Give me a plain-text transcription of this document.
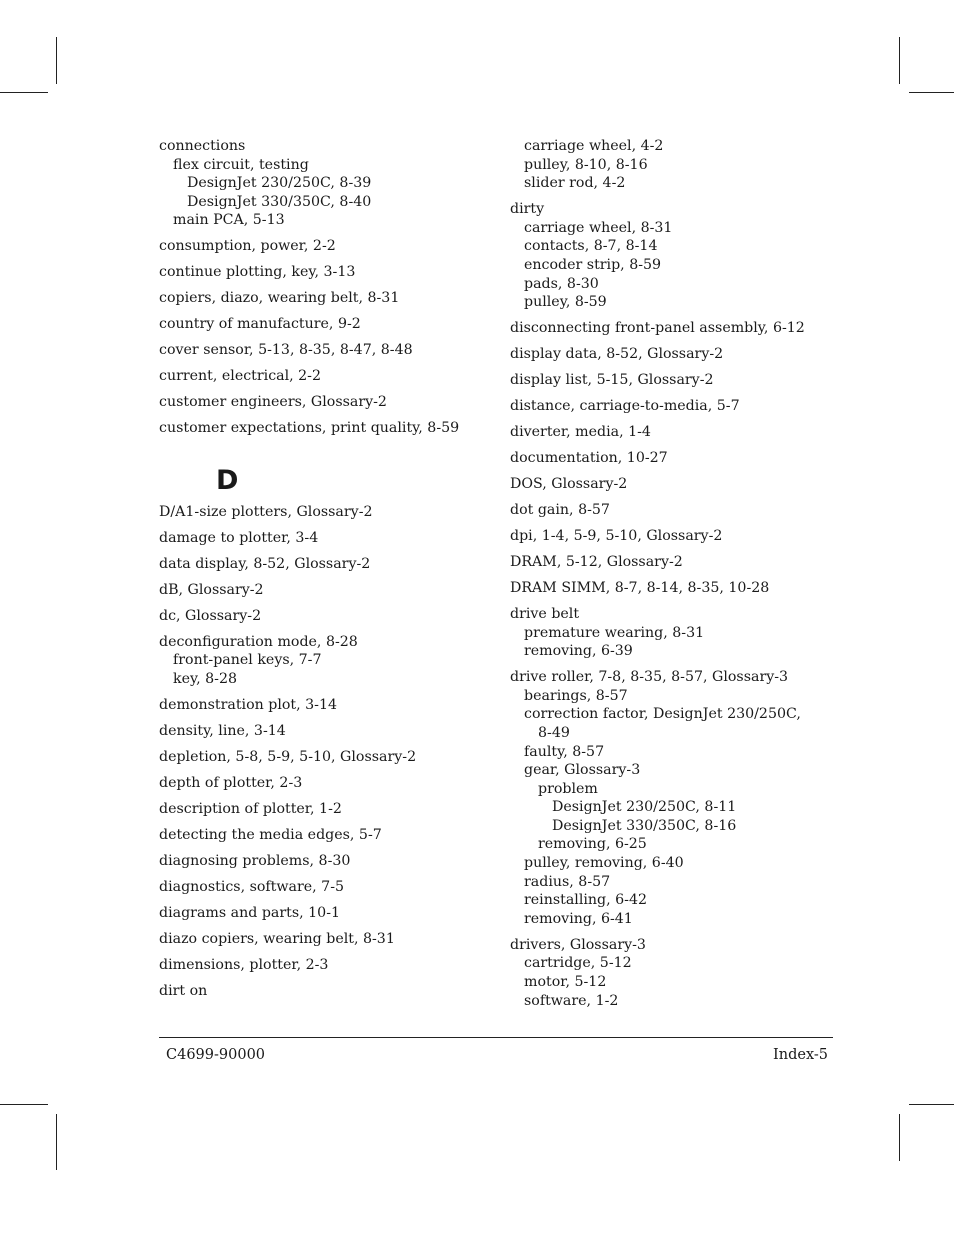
connections
flex circuit, testing
DesignJet 230/250C, 8-39
DesignJet 330/350C, 8-40
main PCA, 5-13
consumption, power, 2-2
continue plotting, key, 3-13
copiers, diazo, wearing belt, 8-31
country of manufacture, 9-2
cover sensor, 5-13, 8-35, 8-47, 8-48
current, electrical, 2-2
customer engineers, Glossary-2
customer expectations, print quality, 8-59
D
D/A1-size plotters, Glossary-2
damage to plotter, 3-4
data display, 8-52, Glossary-2
dB, Glossary-2
dc, Glossary-2
deconfiguration mode, 8-28
front-panel keys, 7-7
key, 8-28
demonstration plot, 3-14
density, line, 3-14
depletion, 5-8, 5-9, 5-10, Glossary-2
depth of plotter, 2-3
description of plotter, 1-2
detecting the media edges, 5-7
diagnosing problems, 8-30
diagnostics, software, 7-5
diagrams and parts, 10-1
diazo copiers, wearing belt, 8-31
dimensions, plotter, 2-3
dirt on
carriage wheel, 4-2
pulley, 8-10, 8-16
slider rod, 4-2
dirty
carriage wheel, 8-31
contacts, 8-7, 8-14
encoder strip, 8-59
pads, 8-30
pulley, 8-59
disconnecting front-panel assembly, 6-12
display data, 8-52, Glossary-2
display list, 5-15, Glossary-2
distance, carriage-to-media, 5-7
diverter, media, 1-4
documentation, 10-27
DOS, Glossary-2
dot gain, 8-57
dpi, 1-4, 5-9, 5-10, Glossary-2
DRAM, 5-12, Glossary-2
DRAM SIMM, 8-7, 8-14, 8-35, 10-28
drive belt
premature wearing, 8-31
removing, 6-39
drive roller, 7-8, 8-35, 8-57, Glossary-3
bearings, 8-57
correction factor, DesignJet 230/250C,
8-49
faulty, 8-57
gear, Glossary-3
problem
DesignJet 230/250C, 8-11
DesignJet 330/350C, 8-16
removing, 6-25
pulley, removing, 6-40
radius, 8-57
reinstalling, 6-42
removing, 6-41
drivers, Glossary-3
cartridge, 5-12
motor, 5-12
software, 1-2
C4699-90000	Index-5
